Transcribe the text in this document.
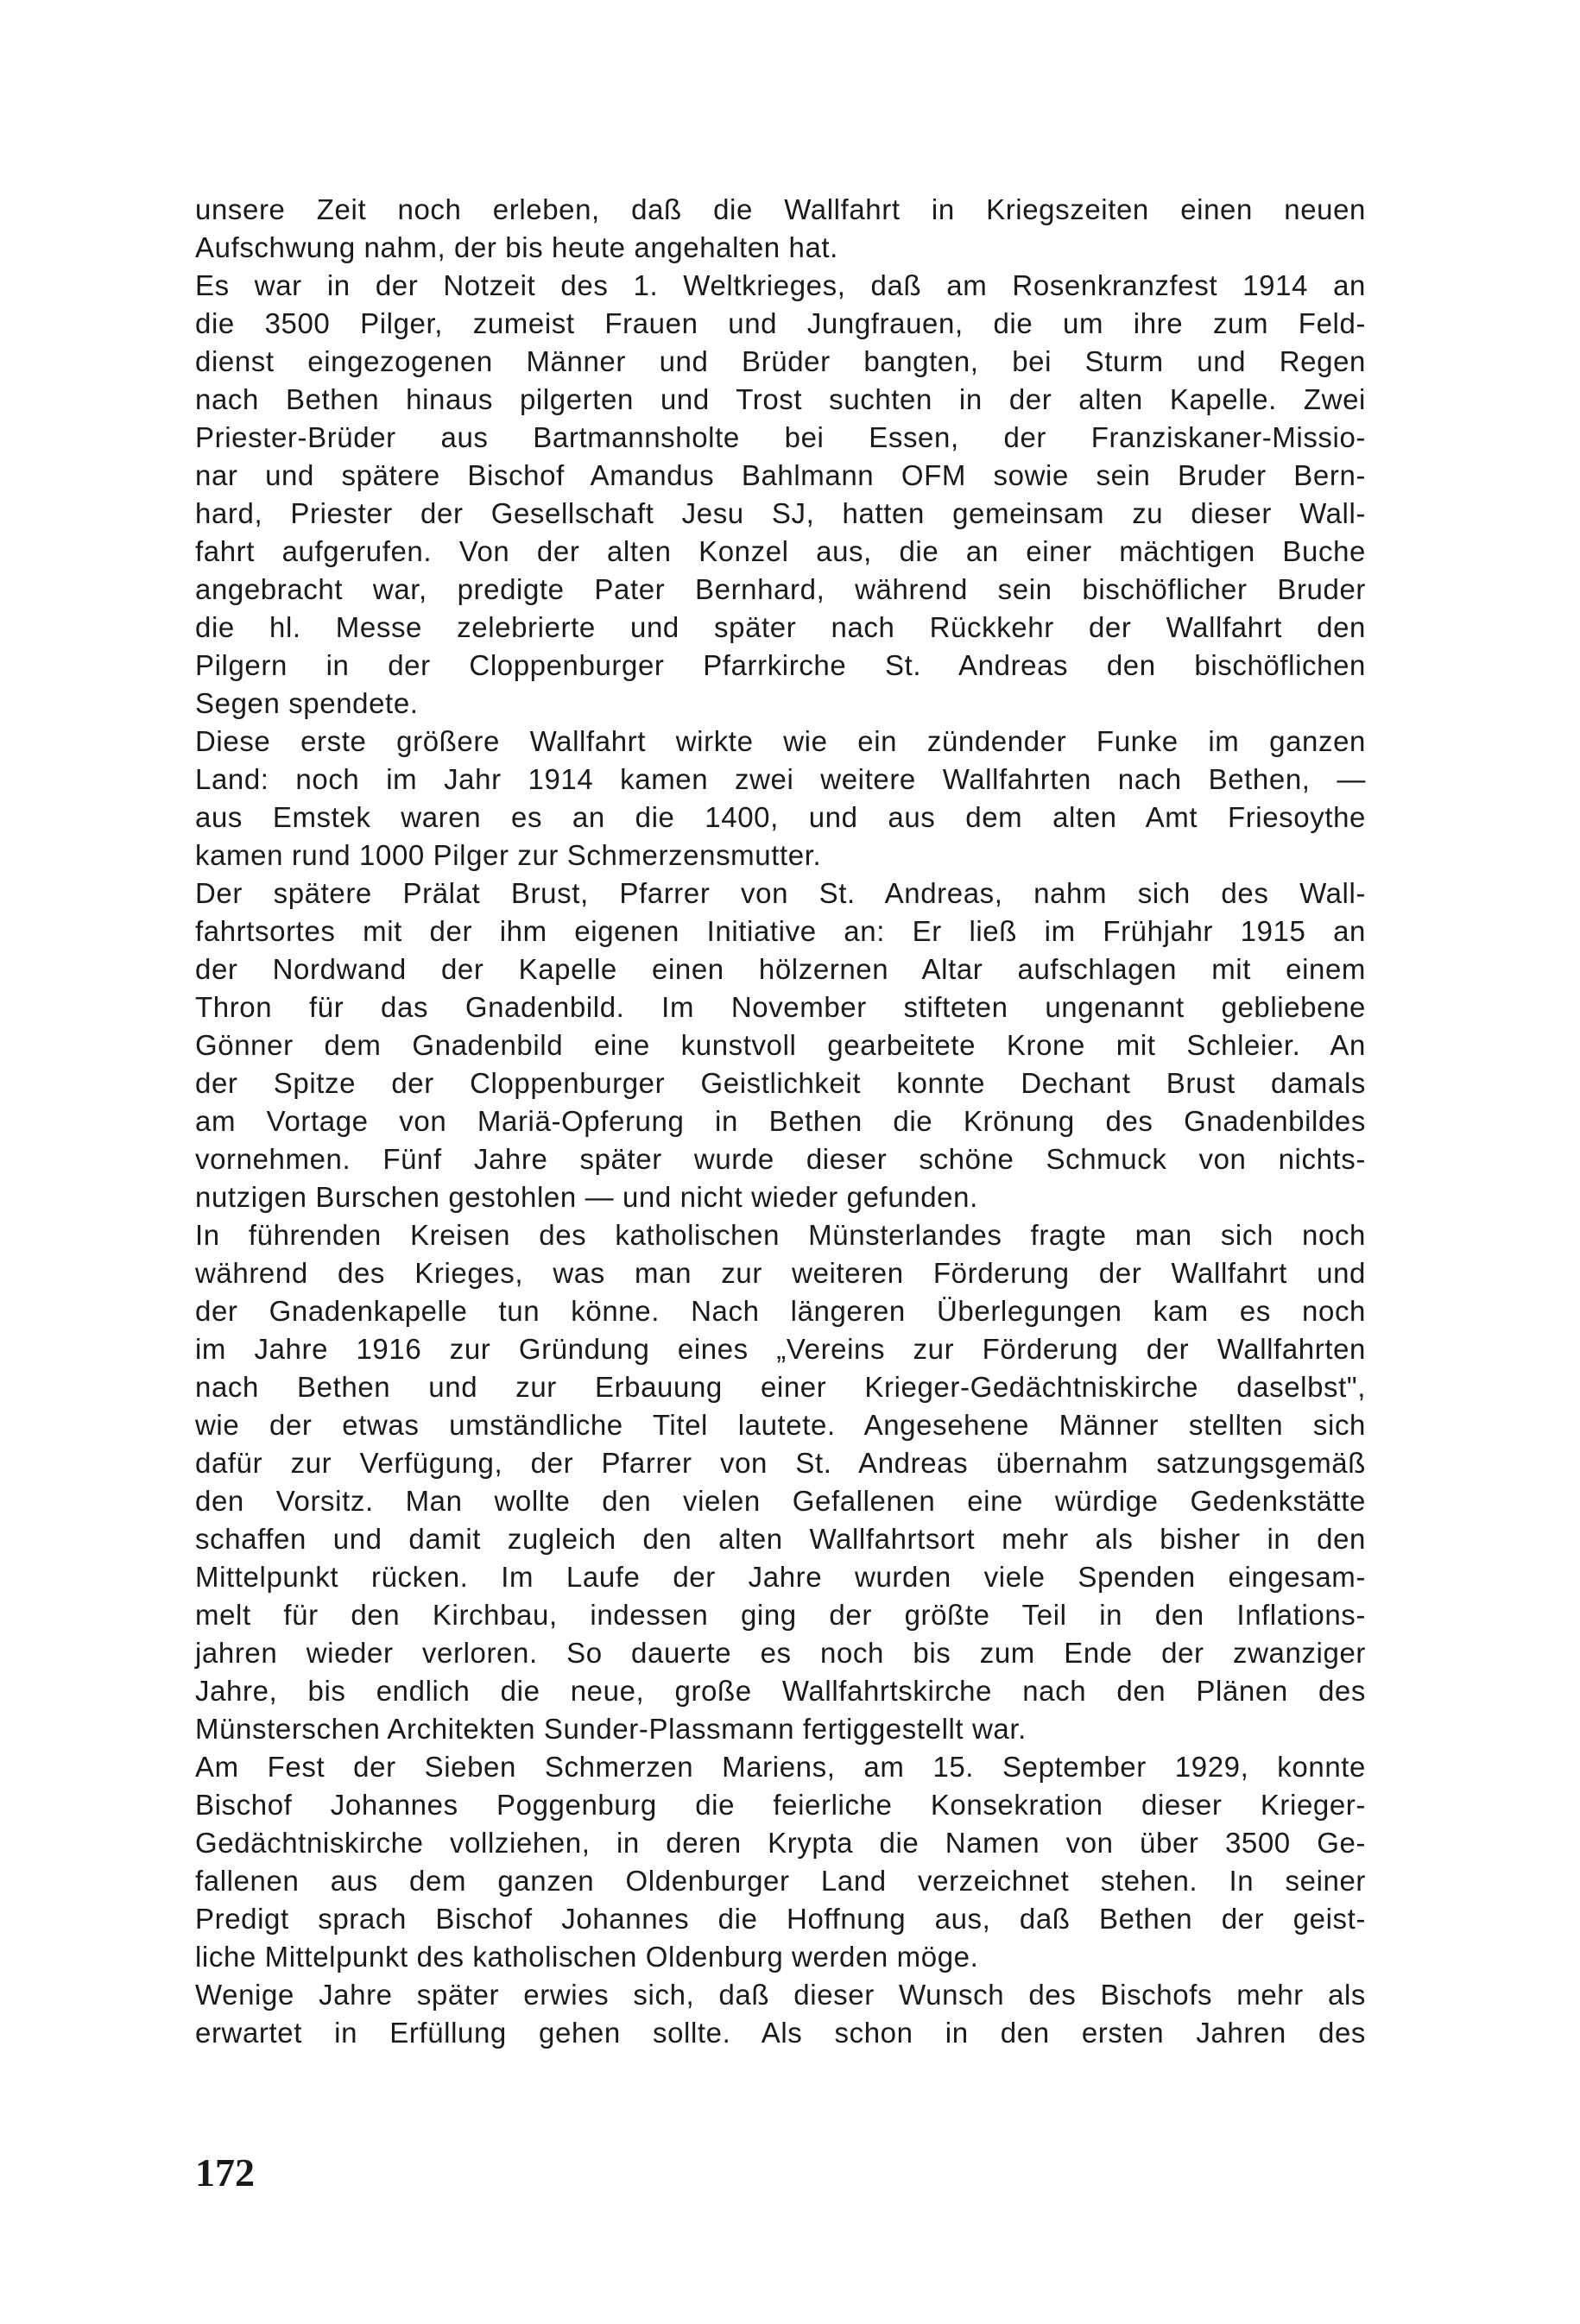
unsere Zeit noch erleben, daß die Wallfahrt in Kriegszeiten einen neuen
Aufschwung nahm, der bis heute angehalten hat.
Es war in der Notzeit des 1. Weltkrieges, daß am Rosenkranzfest 1914 an
die 3500 Pilger, zumeist Frauen und Jungfrauen, die um ihre zum Feld-
dienst eingezogenen Männer und Brüder bangten, bei Sturm und Regen
nach Bethen hinaus pilgerten und Trost suchten in der alten Kapelle. Zwei
Priester-Brüder aus Bartmannsholte bei Essen, der Franziskaner-Missio-
nar und spätere Bischof Amandus Bahlmann OFM sowie sein Bruder Bern-
hard, Priester der Gesellschaft Jesu SJ, hatten gemeinsam zu dieser Wall-
fahrt aufgerufen. Von der alten Konzel aus, die an einer mächtigen Buche
angebracht war, predigte Pater Bernhard, während sein bischöflicher Bruder
die hl. Messe zelebrierte und später nach Rückkehr der Wallfahrt den
Pilgern in der Cloppenburger Pfarrkirche St. Andreas den bischöflichen
Segen spendete.
Diese erste größere Wallfahrt wirkte wie ein zündender Funke im ganzen
Land: noch im Jahr 1914 kamen zwei weitere Wallfahrten nach Bethen, —
aus Emstek waren es an die 1400, und aus dem alten Amt Friesoythe
kamen rund 1000 Pilger zur Schmerzensmutter.
Der spätere Prälat Brust, Pfarrer von St. Andreas, nahm sich des Wall-
fahrtsortes mit der ihm eigenen Initiative an: Er ließ im Frühjahr 1915 an
der Nordwand der Kapelle einen hölzernen Altar aufschlagen mit einem
Thron für das Gnadenbild. Im November stifteten ungenannt gebliebene
Gönner dem Gnadenbild eine kunstvoll gearbeitete Krone mit Schleier. An
der Spitze der Cloppenburger Geistlichkeit konnte Dechant Brust damals
am Vortage von Mariä-Opferung in Bethen die Krönung des Gnadenbildes
vornehmen. Fünf Jahre später wurde dieser schöne Schmuck von nichts-
nutzigen Burschen gestohlen — und nicht wieder gefunden.
In führenden Kreisen des katholischen Münsterlandes fragte man sich noch
während des Krieges, was man zur weiteren Förderung der Wallfahrt und
der Gnadenkapelle tun könne. Nach längeren Überlegungen kam es noch
im Jahre 1916 zur Gründung eines „Vereins zur Förderung der Wallfahrten
nach Bethen und zur Erbauung einer Krieger-Gedächtniskirche daselbst",
wie der etwas umständliche Titel lautete. Angesehene Männer stellten sich
dafür zur Verfügung, der Pfarrer von St. Andreas übernahm satzungsgemäß
den Vorsitz. Man wollte den vielen Gefallenen eine würdige Gedenkstätte
schaffen und damit zugleich den alten Wallfahrtsort mehr als bisher in den
Mittelpunkt rücken. Im Laufe der Jahre wurden viele Spenden eingesam-
melt für den Kirchbau, indessen ging der größte Teil in den Inflations-
jahren wieder verloren. So dauerte es noch bis zum Ende der zwanziger
Jahre, bis endlich die neue, große Wallfahrtskirche nach den Plänen des
Münsterschen Architekten Sunder-Plassmann fertiggestellt war.
Am Fest der Sieben Schmerzen Mariens, am 15. September 1929, konnte
Bischof Johannes Poggenburg die feierliche Konsekration dieser Krieger-
Gedächtniskirche vollziehen, in deren Krypta die Namen von über 3500 Ge-
fallenen aus dem ganzen Oldenburger Land verzeichnet stehen. In seiner
Predigt sprach Bischof Johannes die Hoffnung aus, daß Bethen der geist-
liche Mittelpunkt des katholischen Oldenburg werden möge.
Wenige Jahre später erwies sich, daß dieser Wunsch des Bischofs mehr als
erwartet in Erfüllung gehen sollte. Als schon in den ersten Jahren des
172
